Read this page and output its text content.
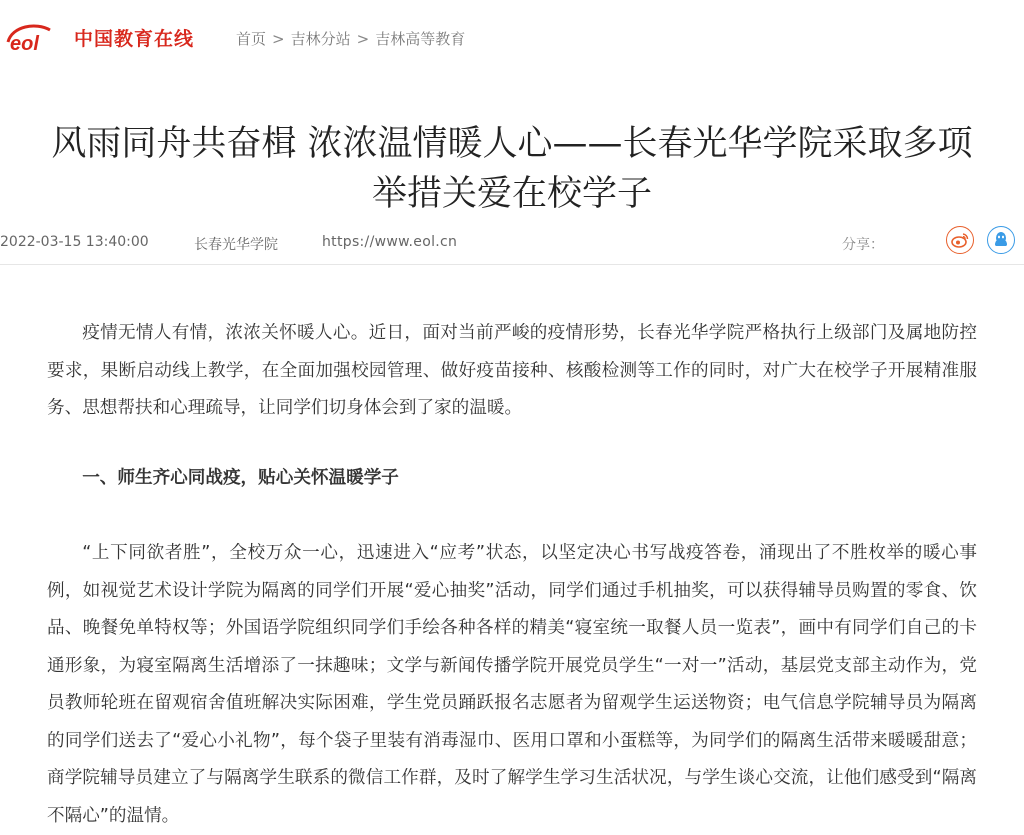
eol 中国教育在线	首页 > 吉林分站 > 吉林高等教育
风雨同舟共奋楫 浓浓温情暖人心——长春光华学院采取多项
举措关爱在校学子
2022-03-15 13:40:00	长春光华学院	https://www.eol.cn	分享：

疫情无情人有情，浓浓关怀暖人心。近日，面对当前严峻的疫情形势，长春光华学院严格执行上级部门及属地防控要求，果断启动线上教学，在全面加强校园管理、做好疫苗接种、核酸检测等工作的同时，对广大在校学子开展精准服务、思想帮扶和心理疏导，让同学们切身体会到了家的温暖。

一、师生齐心同战疫，贴心关怀温暖学子

“上下同欲者胜”，全校万众一心，迅速进入“应考”状态，以坚定决心书写战疫答卷，涌现出了不胜枚举的暖心事例，如视觉艺术设计学院为隔离的同学们开展“爱心抽奖”活动，同学们通过手机抽奖，可以获得辅导员购置的零食、饮品、晚餐免单特权等；外国语学院组织同学们手绘各种各样的精美“寝室统一取餐人员一览表”，画中有同学们自己的卡通形象，为寝室隔离生活增添了一抹趣味；文学与新闻传播学院开展党员学生“一对一”活动，基层党支部主动作为，党员教师轮班在留观宿舍值班解决实际困难，学生党员踊跃报名志愿者为留观学生运送物资；电气信息学院辅导员为隔离的同学们送去了“爱心小礼物”，每个袋子里装有消毒湿巾、医用口罩和小蛋糕等，为同学们的隔离生活带来暖暖甜意；商学院辅导员建立了与隔离学生联系的微信工作群，及时了解学生学习生活状况，与学生谈心交流，让他们感受到“隔离不隔心”的温情。
